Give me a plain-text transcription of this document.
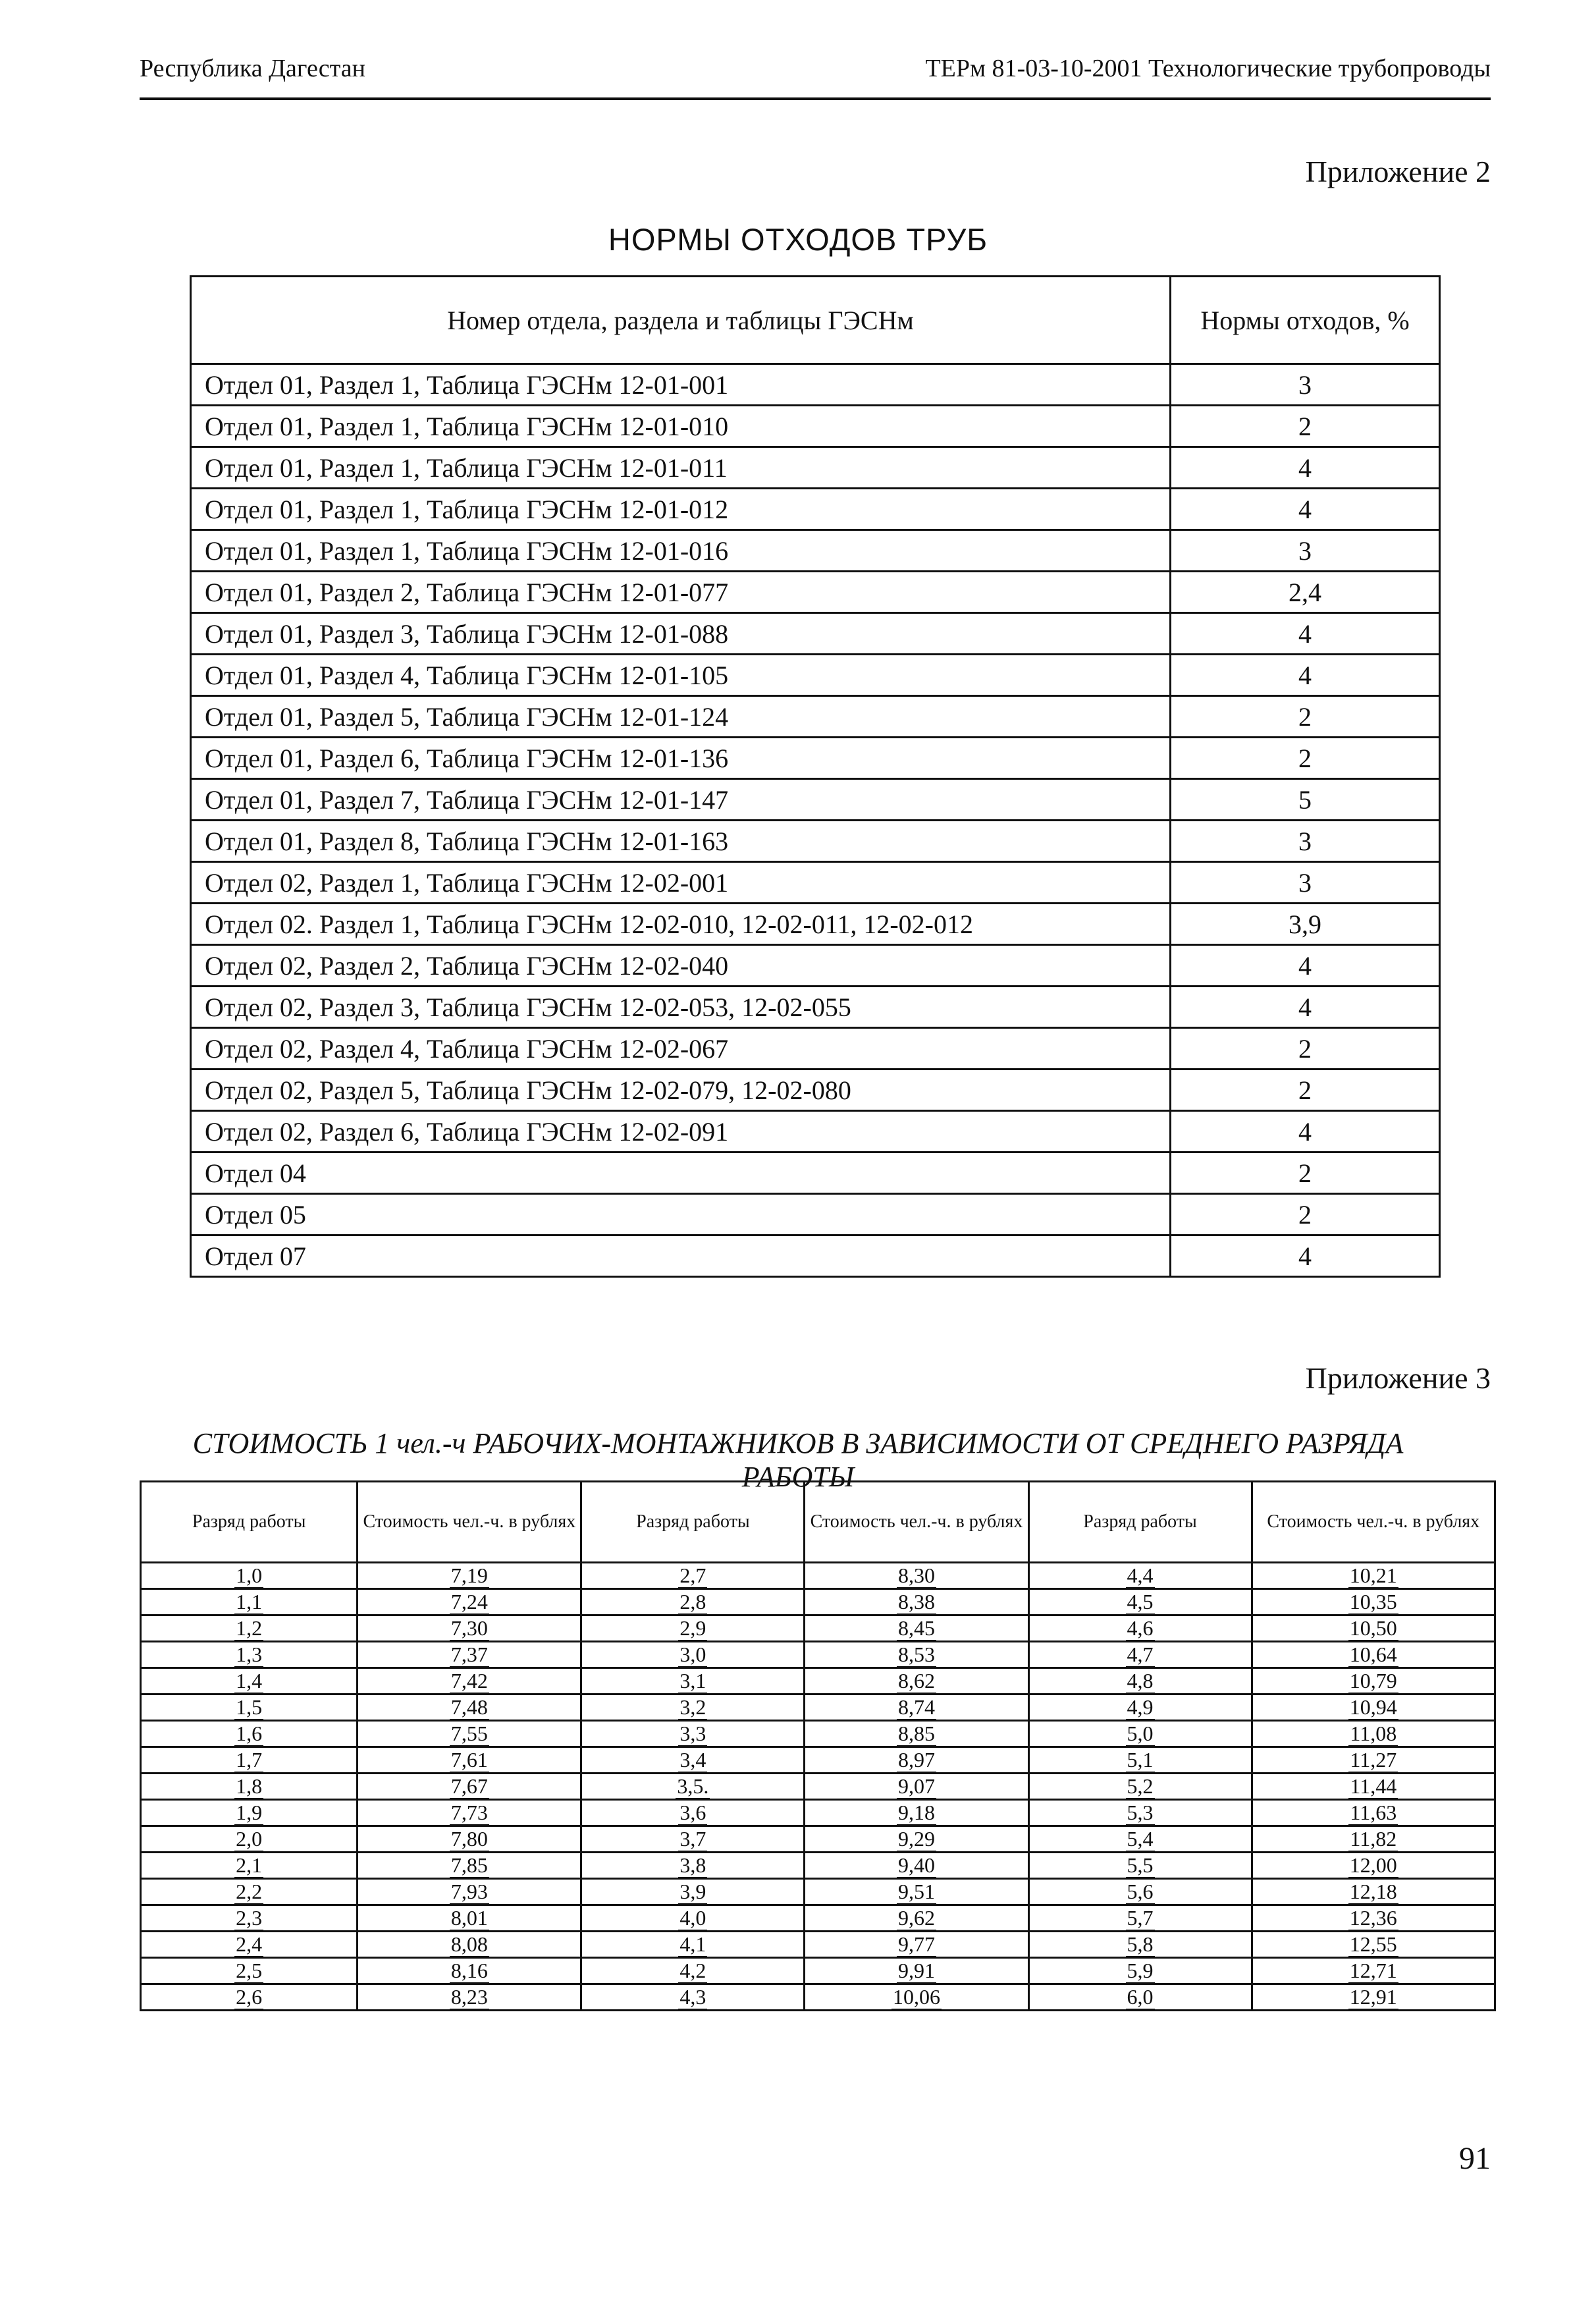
Республика Дагестан	ТЕРм 81-03-10-2001 Технологические трубопроводы
Приложение 2
НОРМЫ ОТХОДОВ ТРУБ
Номер отдела, раздела и таблицы ГЭСНм	Нормы отходов, %
Отдел 01, Раздел 1, Таблица ГЭСНм 12-01-001	3
Отдел 01, Раздел 1, Таблица ГЭСНм 12-01-010	2
Отдел 01, Раздел 1, Таблица ГЭСНм 12-01-011	4
Отдел 01, Раздел 1, Таблица ГЭСНм 12-01-012	4
Отдел 01, Раздел 1, Таблица ГЭСНм 12-01-016	3
Отдел 01, Раздел 2, Таблица ГЭСНм 12-01-077	2,4
Отдел 01, Раздел 3, Таблица ГЭСНм 12-01-088	4
Отдел 01, Раздел 4, Таблица ГЭСНм 12-01-105	4
Отдел 01, Раздел 5, Таблица ГЭСНм 12-01-124	2
Отдел 01, Раздел 6, Таблица ГЭСНм 12-01-136	2
Отдел 01, Раздел 7, Таблица ГЭСНм 12-01-147	5
Отдел 01, Раздел 8, Таблица ГЭСНм 12-01-163	3
Отдел 02, Раздел 1, Таблица ГЭСНм 12-02-001	3
Отдел 02. Раздел 1, Таблица ГЭСНм 12-02-010, 12-02-011, 12-02-012	3,9
Отдел 02, Раздел 2, Таблица ГЭСНм 12-02-040	4
Отдел 02, Раздел 3, Таблица ГЭСНм 12-02-053, 12-02-055	4
Отдел 02, Раздел 4, Таблица ГЭСНм 12-02-067	2
Отдел 02, Раздел 5, Таблица ГЭСНм 12-02-079, 12-02-080	2
Отдел 02, Раздел 6, Таблица ГЭСНм 12-02-091	4
Отдел 04	2
Отдел 05	2
Отдел 07	4
Приложение 3
СТОИМОСТЬ 1 чел.-ч РАБОЧИХ-МОНТАЖНИКОВ В ЗАВИСИМОСТИ ОТ СРЕДНЕГО РАЗРЯДА РАБОТЫ
Разряд работы	Стоимость чел.-ч. в рублях	Разряд работы	Стоимость чел.-ч. в рублях	Разряд работы	Стоимость чел.-ч. в рублях
1,0	7,19	2,7	8,30	4,4	10,21
1,1	7,24	2,8	8,38	4,5	10,35
1,2	7,30	2,9	8,45	4,6	10,50
1,3	7,37	3,0	8,53	4,7	10,64
1,4	7,42	3,1	8,62	4,8	10,79
1,5	7,48	3,2	8,74	4,9	10,94
1,6	7,55	3,3	8,85	5,0	11,08
1,7	7,61	3,4	8,97	5,1	11,27
1,8	7,67	3,5.	9,07	5,2	11,44
1,9	7,73	3,6	9,18	5,3	11,63
2,0	7,80	3,7	9,29	5,4	11,82
2,1	7,85	3,8	9,40	5,5	12,00
2,2	7,93	3,9	9,51	5,6	12,18
2,3	8,01	4,0	9,62	5,7	12,36
2,4	8,08	4,1	9,77	5,8	12,55
2,5	8,16	4,2	9,91	5,9	12,71
2,6	8,23	4,3	10,06	6,0	12,91
91
